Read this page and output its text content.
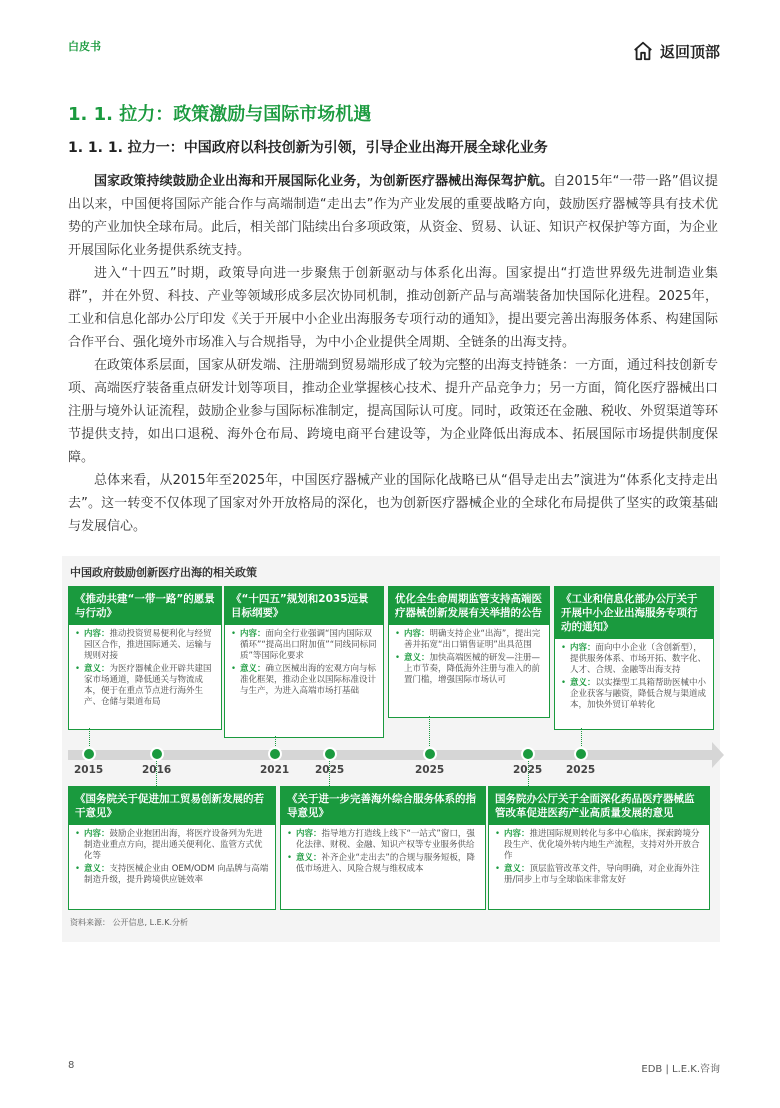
白皮书	返回顶部
1. 1. 拉力：政策激励与国际市场机遇
1. 1. 1. 拉力一：中国政府以科技创新为引领，引导企业出海开展全球化业务

国家政策持续鼓励企业出海和开展国际化业务，为创新医疗器械出海保驾护航。自2015年“一带一路”倡议提出以来，中国便将国际产能合作与高端制造“走出去”作为产业发展的重要战略方向，鼓励医疗器械等具有技术优势的产业加快全球布局。此后，相关部门陆续出台多项政策，从资金、贸易、认证、知识产权保护等方面，为企业开展国际化业务提供系统支持。

进入“十四五”时期，政策导向进一步聚焦于创新驱动与体系化出海。国家提出“打造世界级先进制造业集群”，并在外贸、科技、产业等领域形成多层次协同机制，推动创新产品与高端装备加快国际化进程。2025年，工业和信息化部办公厅印发《关于开展中小企业出海服务专项行动的通知》，提出要完善出海服务体系、构建国际合作平台、强化境外市场准入与合规指导，为中小企业提供全周期、全链条的出海支持。

在政策体系层面，国家从研发端、注册端到贸易端形成了较为完整的出海支持链条：一方面，通过科技创新专项、高端医疗装备重点研发计划等项目，推动企业掌握核心技术、提升产品竞争力；另一方面，简化医疗器械出口注册与境外认证流程，鼓励企业参与国际标准制定，提高国际认可度。同时，政策还在金融、税收、外贸渠道等环节提供支持，如出口退税、海外仓布局、跨境电商平台建设等，为企业降低出海成本、拓展国际市场提供制度保障。

总体来看，从2015年至2025年，中国医疗器械产业的国际化战略已从“倡导走出去”演进为“体系化支持走出去”。这一转变不仅体现了国家对外开放格局的深化，也为创新医疗器械企业的全球化布局提供了坚实的政策基础与发展信心。

中国政府鼓励创新医疗出海的相关政策
《推动共建“一带一路”的愿景与行动》
• 内容：推动投资贸易便利化与经贸园区合作，推进国际通关、运输与规则对接
• 意义：为医疗器械企业开辟共建国家市场通道，降低通关与物流成本，便于在重点节点进行海外生产、仓储与渠道布局
《“十四五”规划和2035远景目标纲要》
• 内容：面向全行业强调“国内国际双循环”“提高出口附加值”“同线同标同质”等国际化要求
• 意义：确立医械出海的宏观方向与标准化框架，推动企业以国际标准设计与生产，为进入高端市场打基础
优化全生命周期监管支持高端医疗器械创新发展有关举措的公告
• 内容：明确支持企业“出海”，提出完善并拓宽“出口销售证明”出具范围
• 意义：加快高端医械的研发—注册—上市节奏，降低海外注册与准入的前置门槛，增强国际市场认可
《工业和信息化部办公厅关于开展中小企业出海服务专项行动的通知》
• 内容：面向中小企业（含创新型），提供服务体系、市场开拓、数字化、人才、合规、金融等出海支持
• 意义：以实操型工具箱帮助医械中小企业获客与融资，降低合规与渠道成本，加快外贸订单转化
2015	2016	2021 2025	2025	2025 2025
《国务院关于促进加工贸易创新发展的若干意见》
• 内容：鼓励企业抱团出海，将医疗设备列为先进制造业重点方向，提出通关便利化、监管方式优化等
• 意义：支持医械企业由 OEM/ODM 向品牌与高端制造升级，提升跨境供应链效率
《关于进一步完善海外综合服务体系的指导意见》
• 内容：指导地方打造线上线下“一站式”窗口，强化法律、财税、金融、知识产权等专业服务供给
• 意义：补齐企业“走出去”的合规与服务短板，降低市场进入、风险合规与维权成本
国务院办公厅关于全面深化药品医疗器械监管改革促进医药产业高质量发展的意见
• 内容：推进国际规则转化与多中心临床，探索跨境分段生产、优化境外转内地生产流程，支持对外开放合作
• 意义：顶层监管改革文件，导向明确，对企业海外注册/同步上市与全球临床非常友好
资料来源： 公开信息, L.E.K.分析
8	EDB | L.E.K.咨询
